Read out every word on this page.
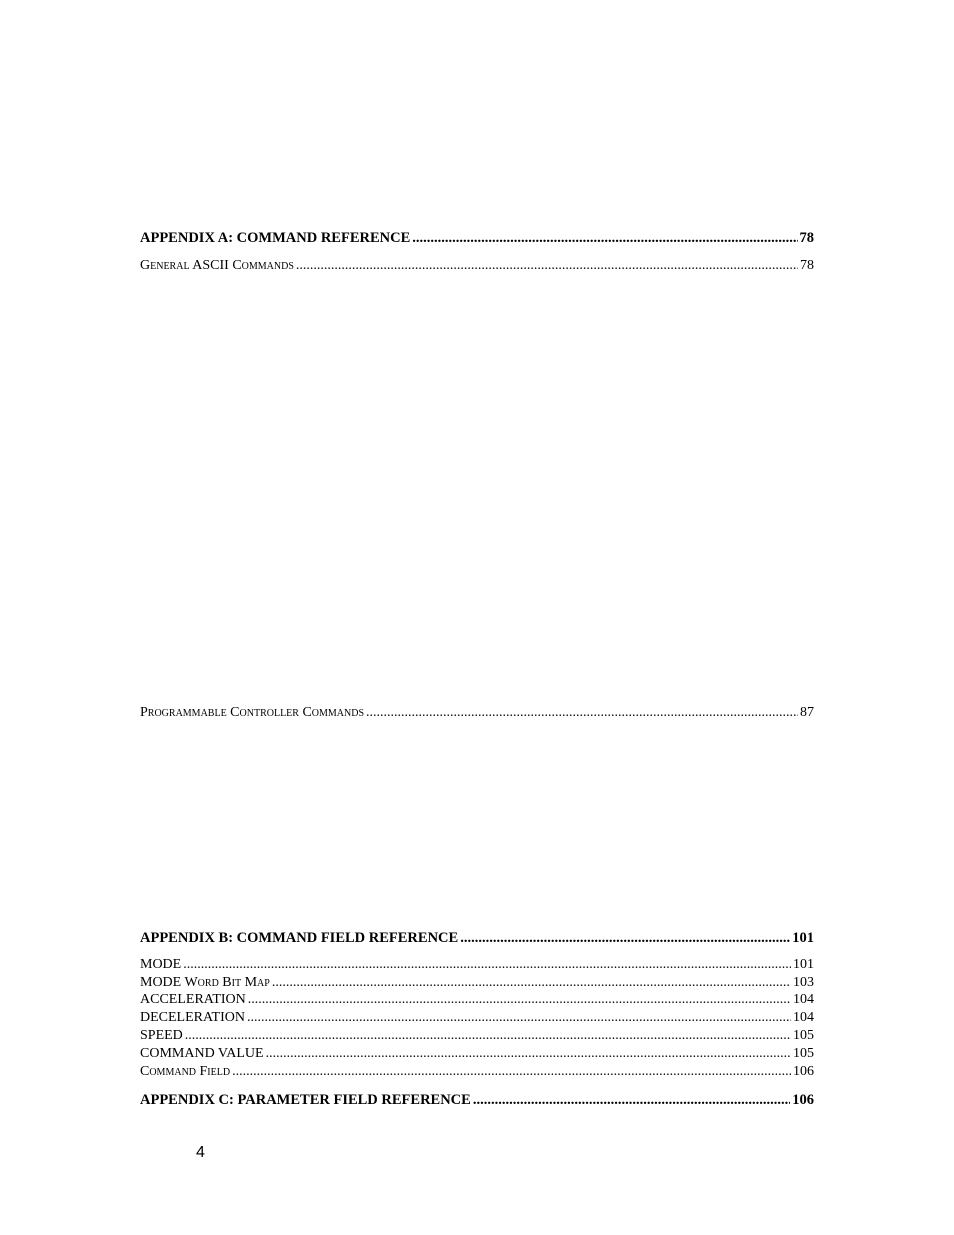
APPENDIX A: COMMAND REFERENCE .....	78
General ASCII Commands .....	78
Programmable Controller Commands .....	87
APPENDIX B: COMMAND FIELD REFERENCE .....	101
MODE .....	101
MODE Word Bit Map .....	103
ACCELERATION .....	104
DECELERATION .....	104
SPEED .....	105
COMMAND VALUE .....	105
Command Field .....	106
APPENDIX C: PARAMETER FIELD REFERENCE .....	106
4
